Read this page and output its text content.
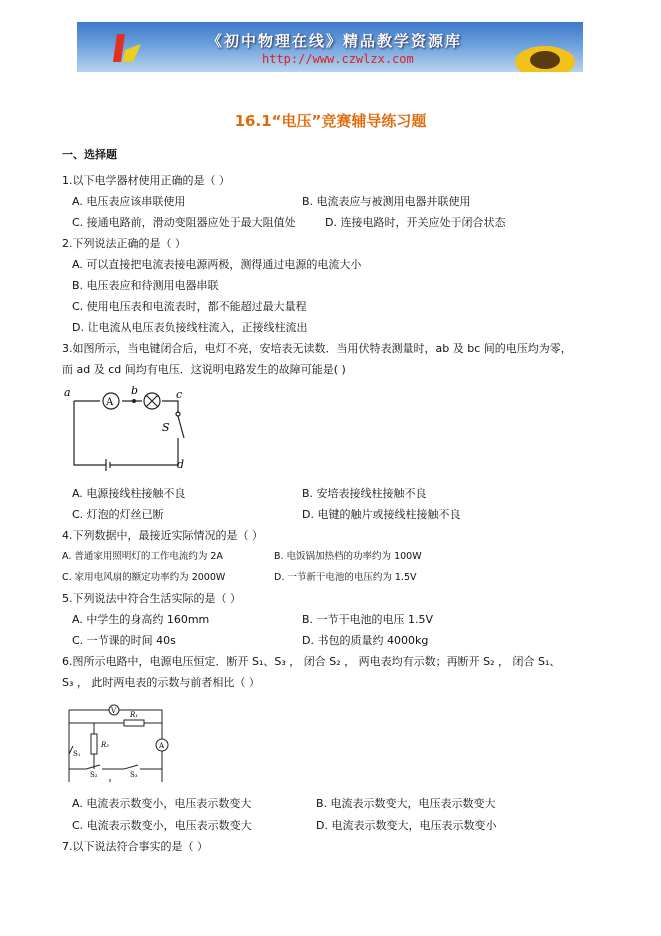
《初中物理在线》精品教学资源库
http://www.czwlzx.com
16.1“电压”竞赛辅导练习题
一、选择题
1.以下电学器材使用正确的是（ ）
A. 电压表应该串联使用	B. 电流表应与被测用电器并联使用
C. 接通电路前，滑动变阻器应处于最大阻值处	D. 连接电路时，开关应处于闭合状态
2.下列说法正确的是（ ）
A. 可以直接把电流表接电源两极，测得通过电源的电流大小
B. 电压表应和待测用电器串联
C. 使用电压表和电流表时，都不能超过最大量程
D. 让电流从电压表负接线柱流入，正接线柱流出
3.如图所示，当电键闭合后，电灯不亮，安培表无读数．当用伏特表测量时，ab 及 bc 间的电压均为零，
而 ad 及 cd 间均有电压．这说明电路发生的故障可能是( )
a	b	c
d
A
S
A. 电源接线柱接触不良	B. 安培表接线柱接触不良
C. 灯泡的灯丝已断	D. 电键的触片或接线柱接触不良
4.下列数据中，最接近实际情况的是（ ）
A. 普通家用照明灯的工作电流约为 2A	B. 电饭锅加热档的功率约为 100W
C. 家用电风扇的额定功率约为 2000W	D. 一节新干电池的电压约为 1.5V
5.下列说法中符合生活实际的是（ ）
A. 中学生的身高约 160mm	B. 一节干电池的电压 1.5V
C. 一节课的时间 40s	D. 书包的质量约 4000kg
6.图所示电路中，电源电压恒定．断开 S₁、S₃ ， 闭合 S₂ ， 两电表均有示数；再断开 S₂ ， 闭合 S₁、
S₃ ， 此时两电表的示数与前者相比（ ）
V R₁
R₂	A
S₁
S₂	S₃
A. 电流表示数变小，电压表示数变大	B. 电流表示数变大，电压表示数变大
C. 电流表示数变小，电压表示数变大	D. 电流表示数变大，电压表示数变小
7.以下说法符合事实的是（ ）
